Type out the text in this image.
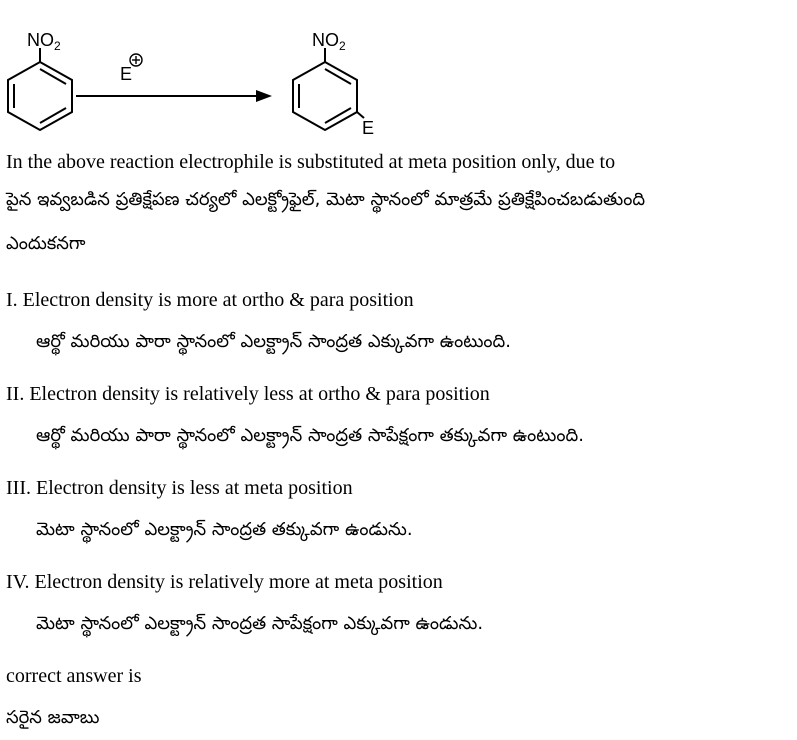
$NO_2$
E
$NO_2$
E
In the above reaction electrophile is substituted at meta position only, due to
పైన ఇవ్వబడిన ప్రతిక్షేపణ చర్యలో ఎలక్ట్రోఫైల్, మెటా స్థానంలో మాత్రమే ప్రతిక్షేపించబడుతుంది
ఎందుకనగా
I. Electron density is more at ortho & para position
ఆర్థో మరియు పారా స్థానంలో ఎలక్ట్రాన్ సాంద్రత ఎక్కువగా ఉంటుంది.
II. Electron density is relatively less at ortho & para position
ఆర్థో మరియు పారా స్థానంలో ఎలక్ట్రాన్ సాంద్రత సాపేక్షంగా తక్కువగా ఉంటుంది.
III. Electron density is less at meta position
మెటా స్థానంలో ఎలక్ట్రాన్ సాంద్రత తక్కువగా ఉండును.
IV. Electron density is relatively more at meta position
మెటా స్థానంలో ఎలక్ట్రాన్ సాంద్రత సాపేక్షంగా ఎక్కువగా ఉండును.
correct answer is
సరైన జవాబు
